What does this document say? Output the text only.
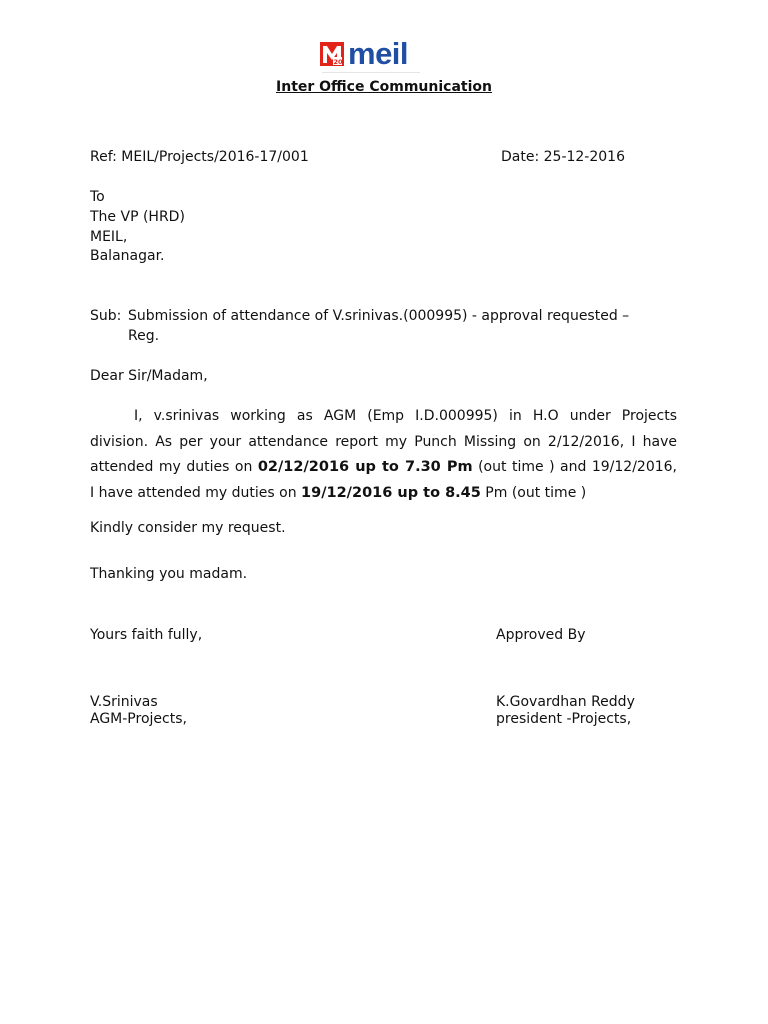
20 meil
Inter Office Communication
Ref: MEIL/Projects/2016-17/001	Date: 25-12-2016
To
The VP (HRD)
MEIL,
Balanagar.
Sub: Submission of attendance of V.srinivas.(000995) - approval requested –
Reg.
Dear Sir/Madam,
I, v.srinivas working as AGM (Emp I.D.000995) in H.O under Projects
division. As per your attendance report my Punch Missing on 2/12/2016, I have
attended my duties on 02/12/2016 up to 7.30 Pm (out time ) and 19/12/2016,
I have attended my duties on 19/12/2016 up to 8.45 Pm (out time )
Kindly consider my request.
Thanking you madam.
Yours faith fully,	Approved By
V.Srinivas
AGM-Projects,
K.Govardhan Reddy
president -Projects,
